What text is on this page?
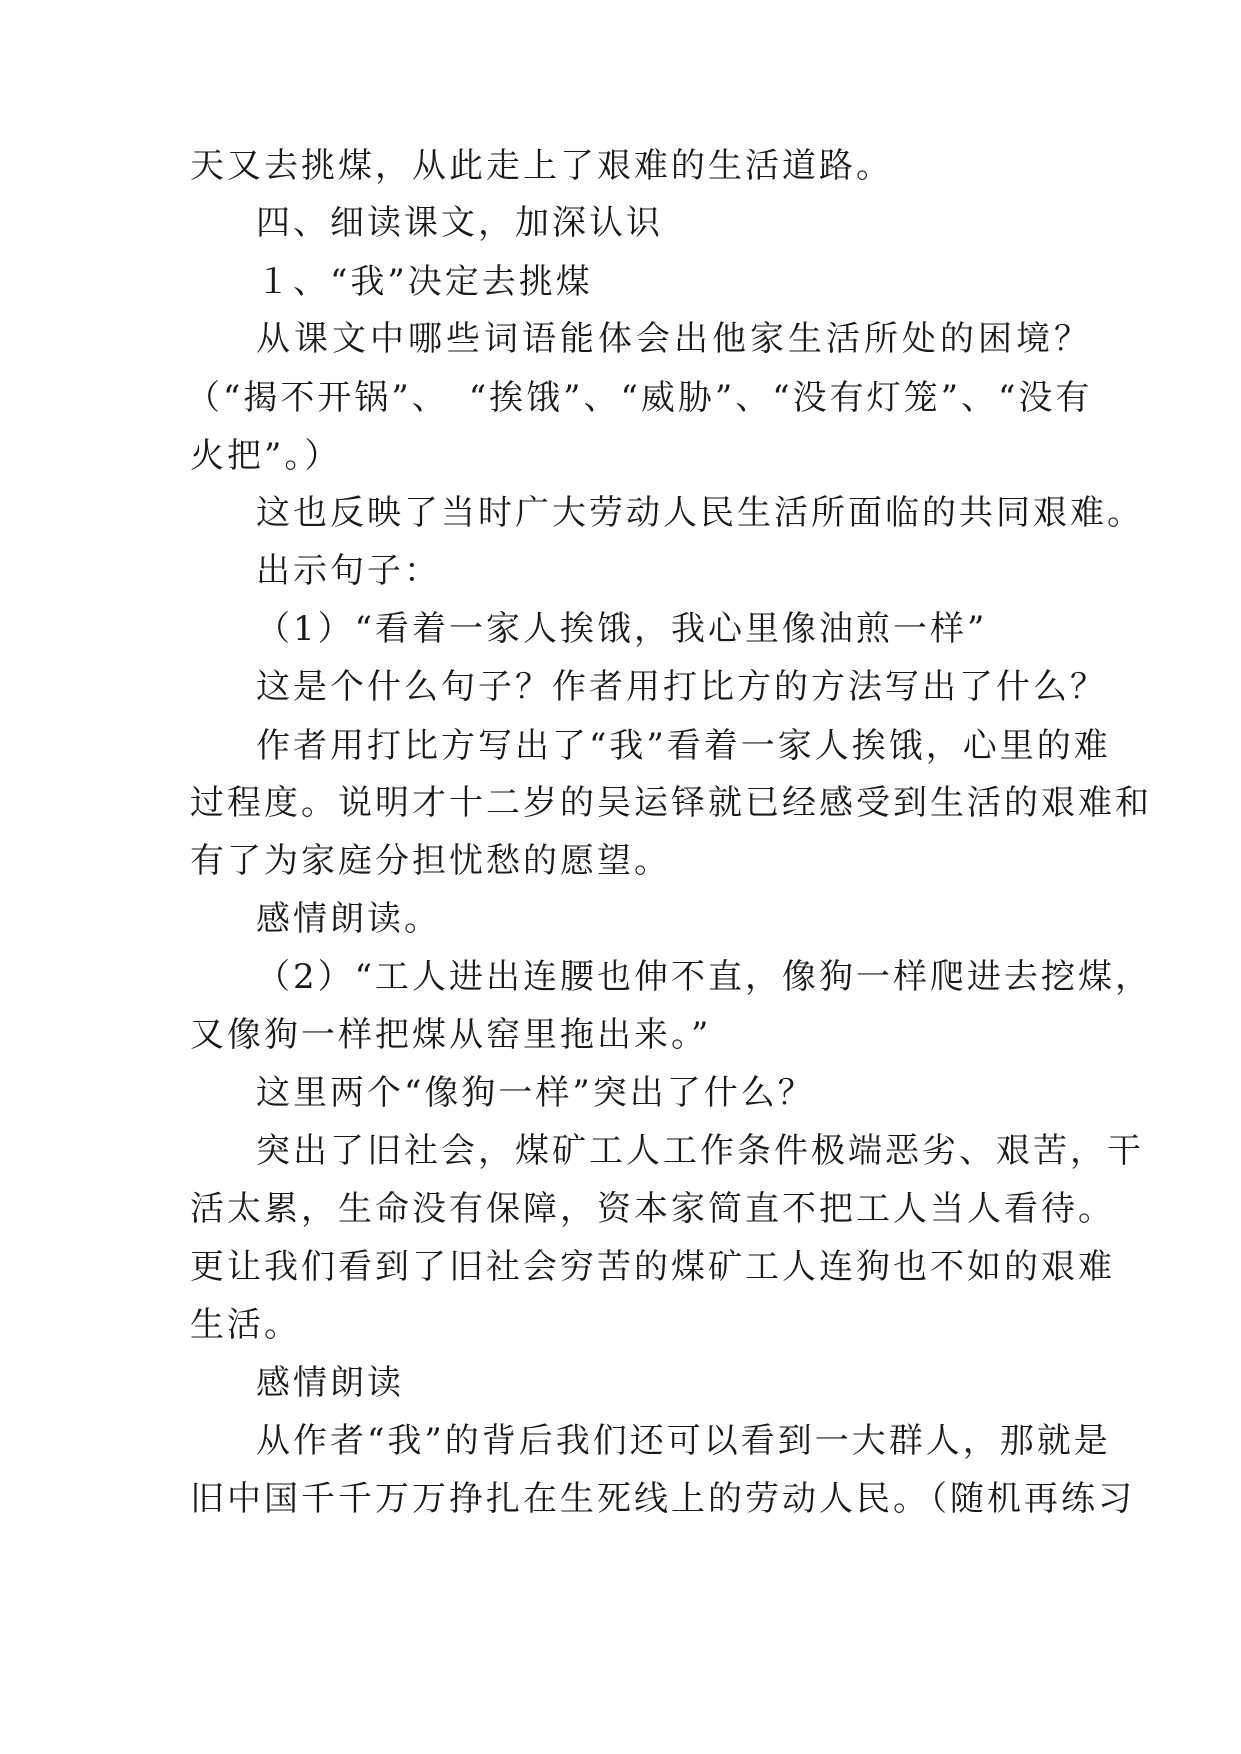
天又去挑煤，从此走上了艰难的生活道路。
四、细读课文，加深认识
１、“我”决定去挑煤
从课文中哪些词语能体会出他家生活所处的困境？
（“揭不开锅”、　“挨饿”、“威胁”、“没有灯笼”、“没有
火把”。）
这也反映了当时广大劳动人民生活所面临的共同艰难。
出示句子：
（1）“看着一家人挨饿，我心里像油煎一样”
这是个什么句子？作者用打比方的方法写出了什么？
作者用打比方写出了“我”看着一家人挨饿，心里的难
过程度。说明才十二岁的吴运铎就已经感受到生活的艰难和
有了为家庭分担忧愁的愿望。
感情朗读。
（2）“工人进出连腰也伸不直，像狗一样爬进去挖煤，
又像狗一样把煤从窑里拖出来。”
这里两个“像狗一样”突出了什么？
突出了旧社会，煤矿工人工作条件极端恶劣、艰苦，干
活太累，生命没有保障，资本家简直不把工人当人看待。
更让我们看到了旧社会穷苦的煤矿工人连狗也不如的艰难
生活。
感情朗读
从作者“我”的背后我们还可以看到一大群人，那就是
旧中国千千万万挣扎在生死线上的劳动人民。（随机再练习
